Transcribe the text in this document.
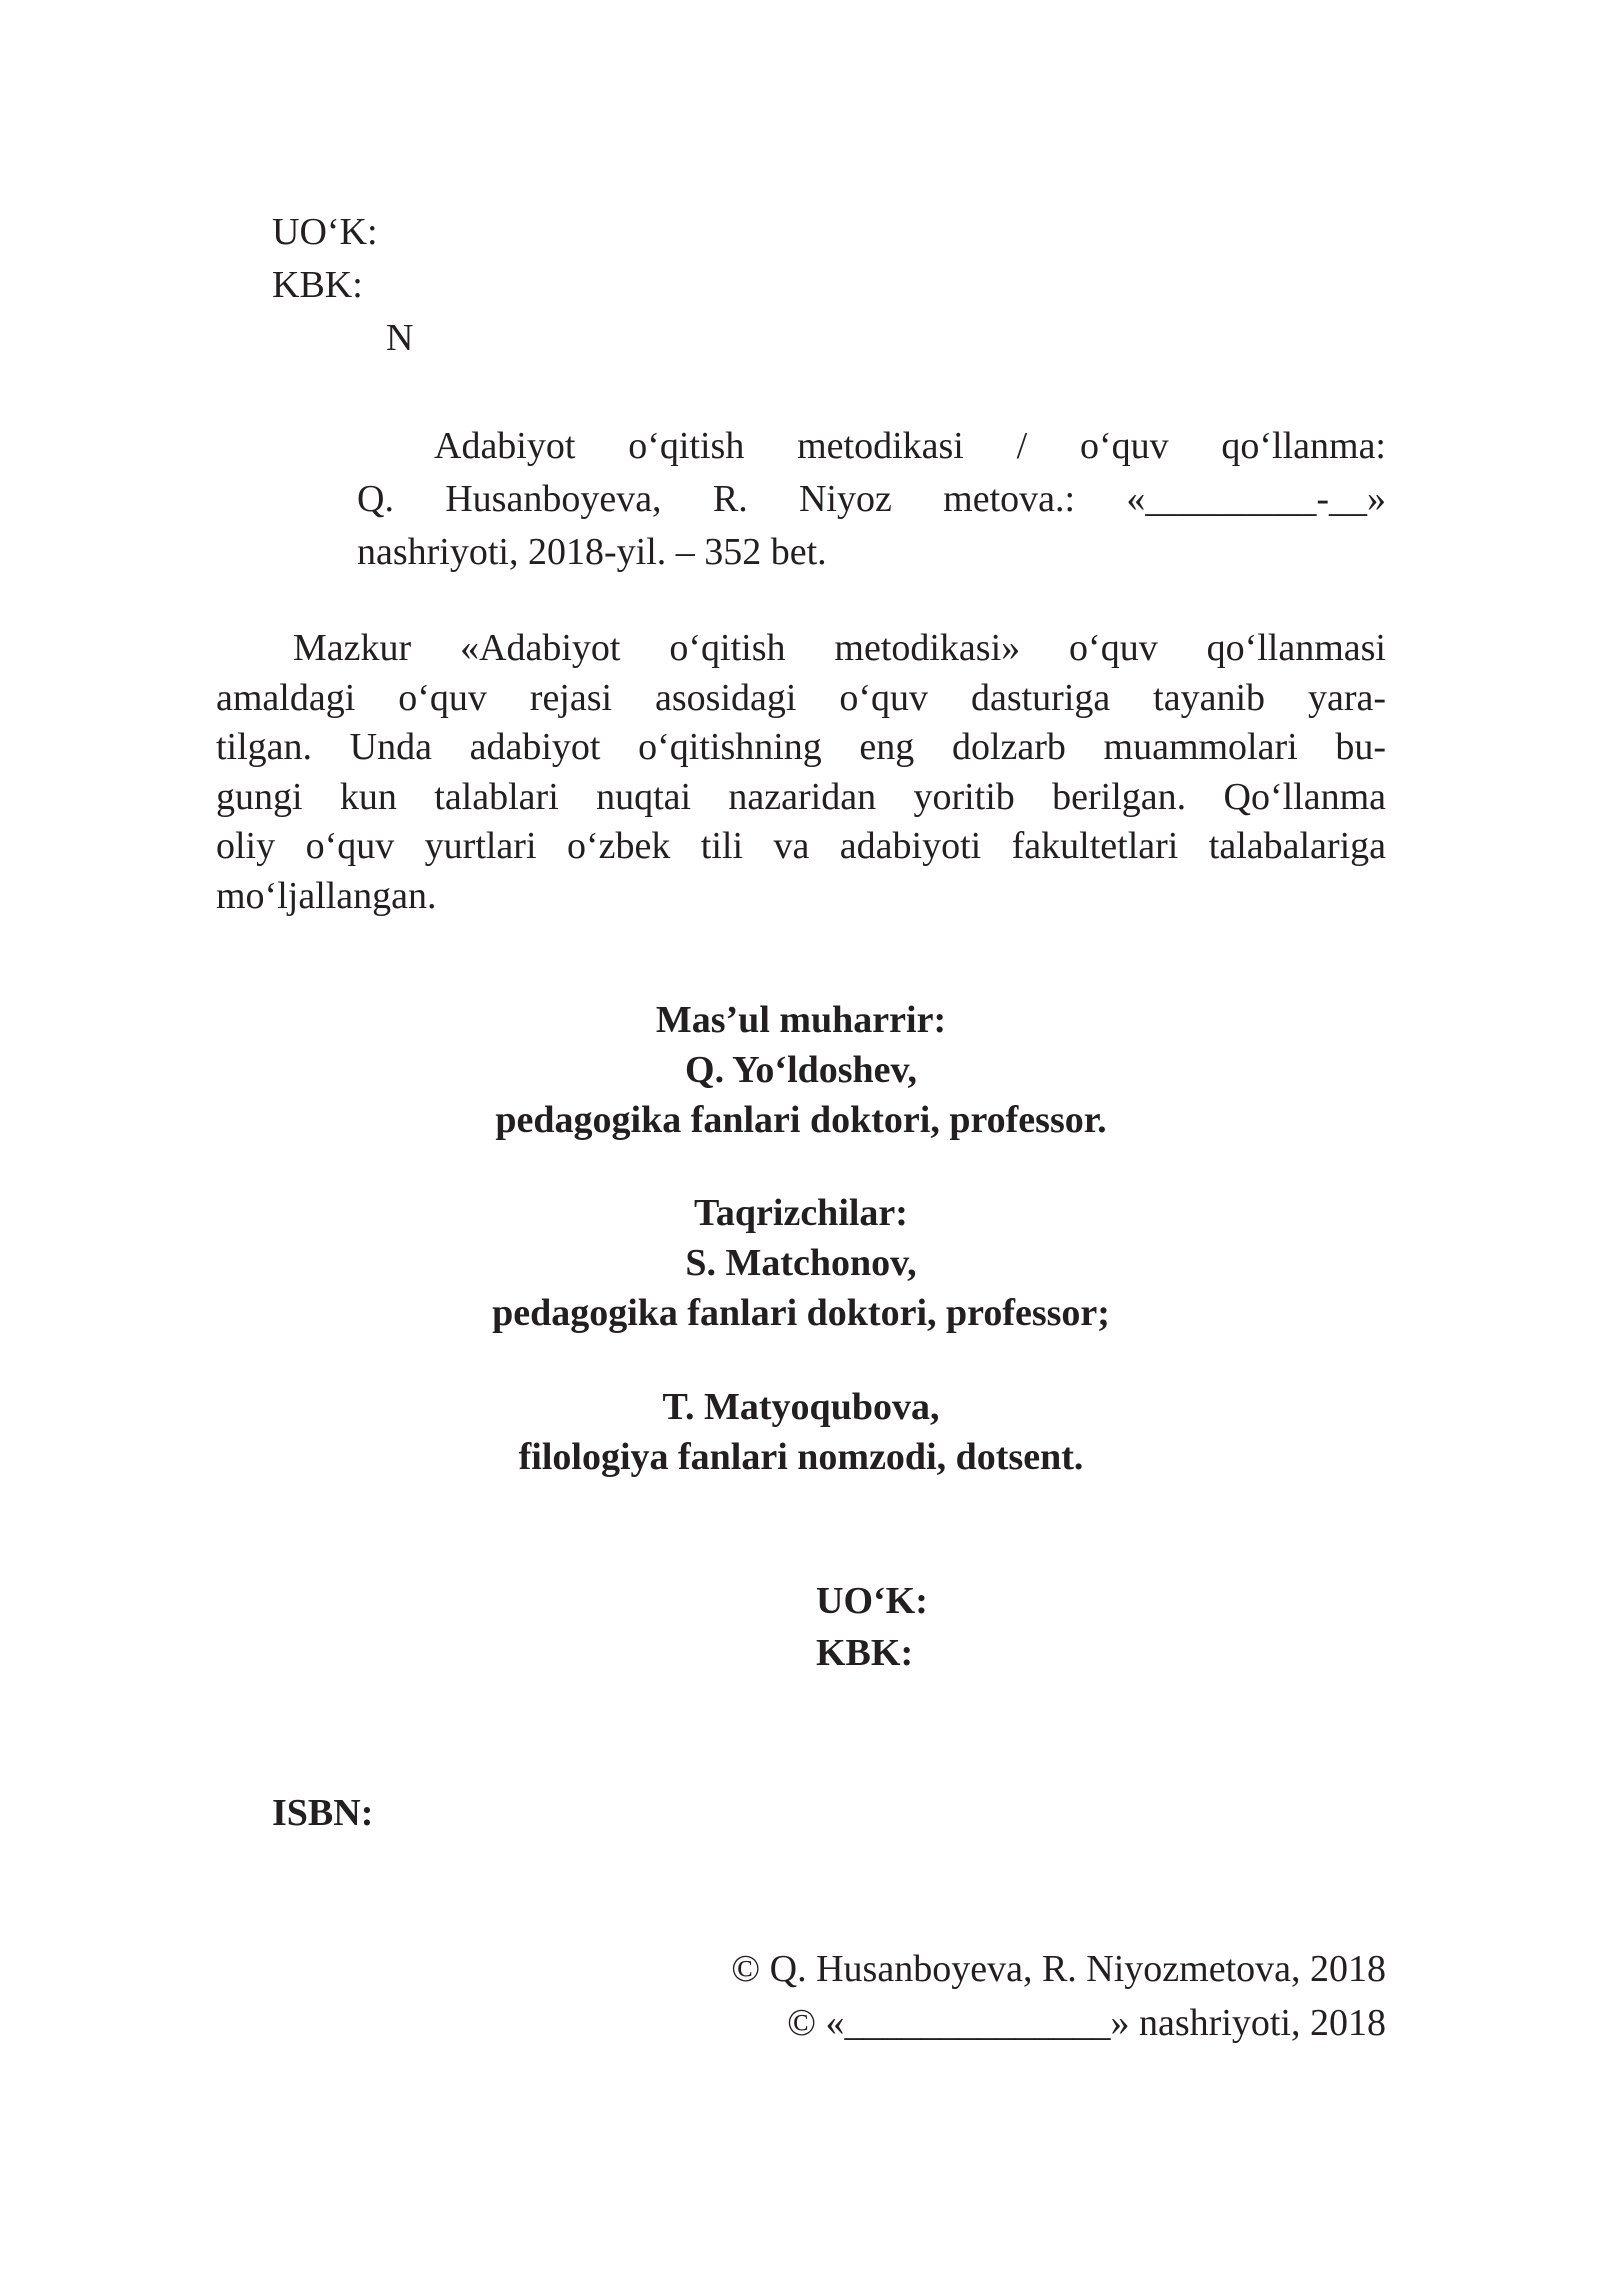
UO‘K:
KBK:
N
Adabiyot o‘qitish metodikasi / o‘quv qo‘llanma:
Q. Husanboyeva, R. Niyoz metova.: «_________-__»
nashriyoti, 2018-yil. – 352 bet.
Mazkur «Adabiyot o‘qitish metodikasi» o‘quv qo‘llanmasi
amaldagi o‘quv rejasi asosidagi o‘quv dasturiga tayanib yara-
tilgan. Unda adabiyot o‘qitishning eng dolzarb muammolari bu-
gungi kun talablari nuqtai nazaridan yoritib berilgan. Qo‘llanma
oliy o‘quv yurtlari o‘zbek tili va adabiyoti fakultetlari talabalariga
mo‘ljallangan.
Mas’ul muharrir:
Q. Yo‘ldoshev,
pedagogika fanlari doktori, professor.
Taqrizchilar:
S. Matchonov,
pedagogika fanlari doktori, professor;
T. Matyoqubova,
filologiya fanlari nomzodi, dotsent.
UO‘K:
KBK:
ISBN:
© Q. Husanboyeva, R. Niyozmetova, 2018
© «______________» nashriyoti, 2018
